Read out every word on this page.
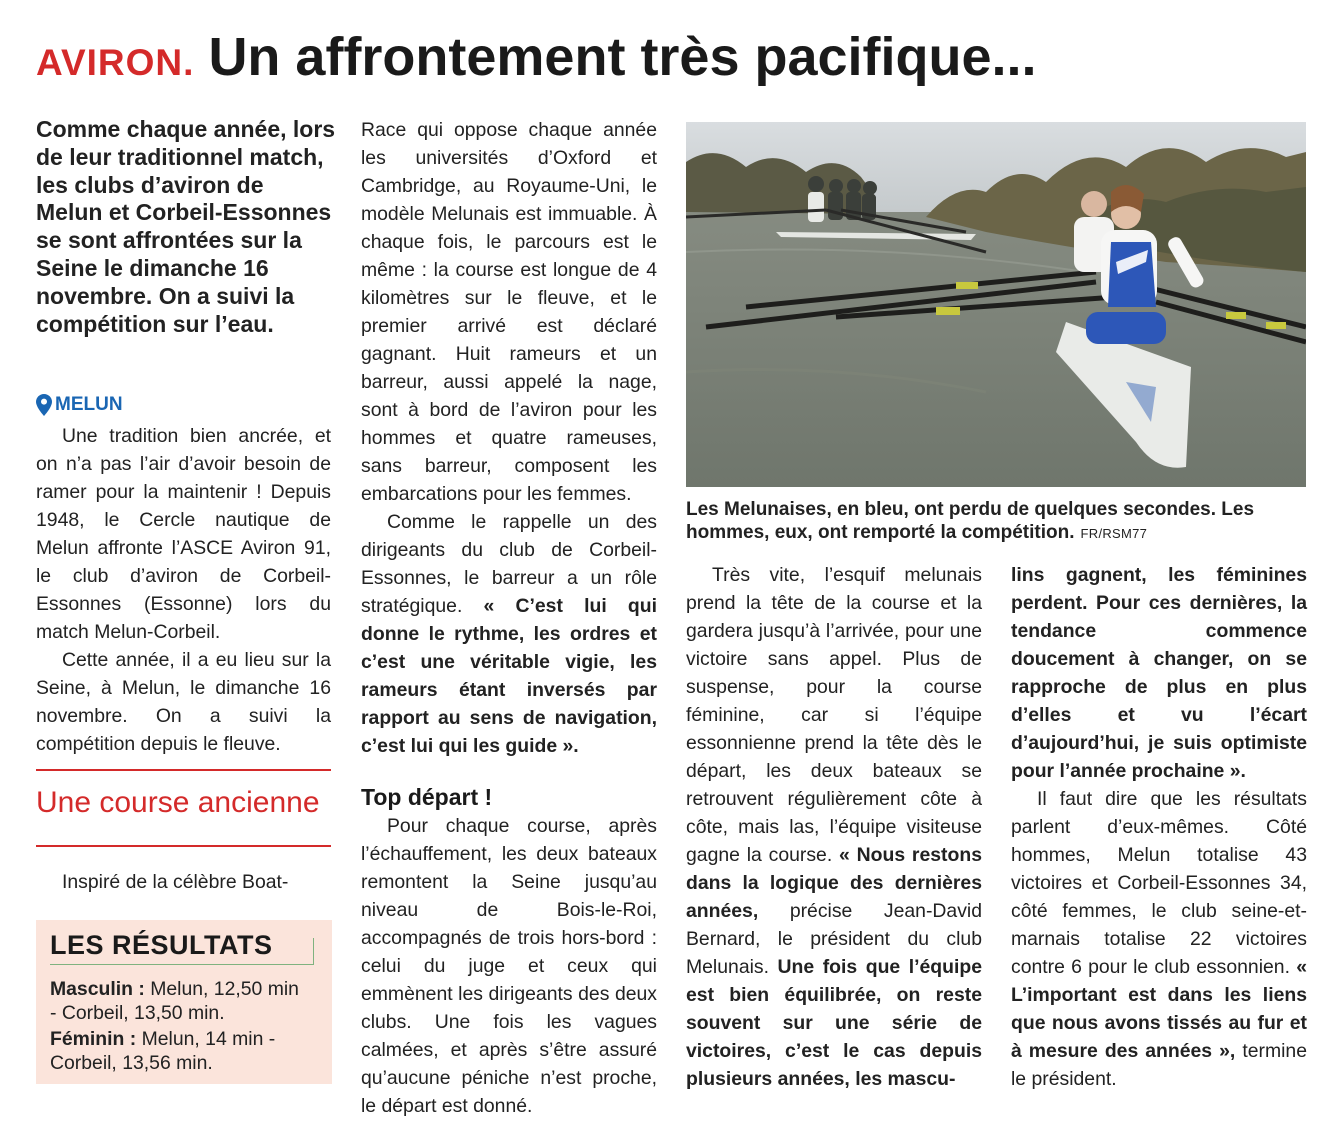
AVIRON. Un affrontement très pacifique...
Comme chaque année, lors de leur traditionnel match, les clubs d’aviron de Melun et Corbeil-Essonnes se sont affrontées sur la Seine le dimanche 16 novembre. On a suivi la compétition sur l’eau.
MELUN

Une tradition bien ancrée, et on n’a pas l’air d’avoir besoin de ramer pour la maintenir ! Depuis 1948, le Cercle nautique de Melun affronte l’ASCE Aviron 91, le club d’aviron de Corbeil-Essonnes (Essonne) lors du match Melun-Corbeil.

Cette année, il a eu lieu sur la Seine, à Melun, le dimanche 16 novembre. On a suivi la compétition depuis le fleuve.

Une course ancienne

Inspiré de la célèbre Boat-

LES RÉSULTATS
Masculin : Melun, 12,50 min - Corbeil, 13,50 min.
Féminin : Melun, 14 min - Corbeil, 13,56 min.

Race qui oppose chaque année les universités d’Oxford et Cambridge, au Royaume-Uni, le modèle Melunais est immuable. À chaque fois, le parcours est le même : la course est longue de 4 kilomètres sur le fleuve, et le premier arrivé est déclaré gagnant. Huit rameurs et un barreur, aussi appelé la nage, sont à bord de l’aviron pour les hommes et quatre rameuses, sans barreur, composent les embarcations pour les femmes.

Comme le rappelle un des dirigeants du club de Corbeil-Essonnes, le barreur a un rôle stratégique. « C’est lui qui donne le rythme, les ordres et c’est une véritable vigie, les rameurs étant inversés par rapport au sens de navigation, c’est lui qui les guide ».

Top départ !

Pour chaque course, après l’échauffement, les deux bateaux remontent la Seine jusqu’au niveau de Bois-le-Roi, accompagnés de trois hors-bord : celui du juge et ceux qui emmènent les dirigeants des deux clubs. Une fois les vagues calmées, et après s’être assuré qu’aucune péniche n’est proche, le départ est donné.

Les Melunaises, en bleu, ont perdu de quelques secondes. Les hommes, eux, ont remporté la compétition. FR/RSM77

Très vite, l’esquif melunais prend la tête de la course et la gardera jusqu’à l’arrivée, pour une victoire sans appel. Plus de suspense, pour la course féminine, car si l’équipe essonnienne prend la tête dès le départ, les deux bateaux se retrouvent régulièrement côte à côte, mais las, l’équipe visiteuse gagne la course. « Nous restons dans la logique des dernières années, précise Jean-David Bernard, le président du club Melunais. Une fois que l’équipe est bien équilibrée, on reste souvent sur une série de victoires, c’est le cas depuis plusieurs années, les mascu-

lins gagnent, les féminines perdent. Pour ces dernières, la tendance commence doucement à changer, on se rapproche de plus en plus d’elles et vu l’écart d’aujourd’hui, je suis optimiste pour l’année prochaine ».

Il faut dire que les résultats parlent d’eux-mêmes. Côté hommes, Melun totalise 43 victoires et Corbeil-Essonnes 34, côté femmes, le club seine-et-marnais totalise 22 victoires contre 6 pour le club essonnien. « L’important est dans les liens que nous avons tissés au fur et à mesure des années », termine le président.
